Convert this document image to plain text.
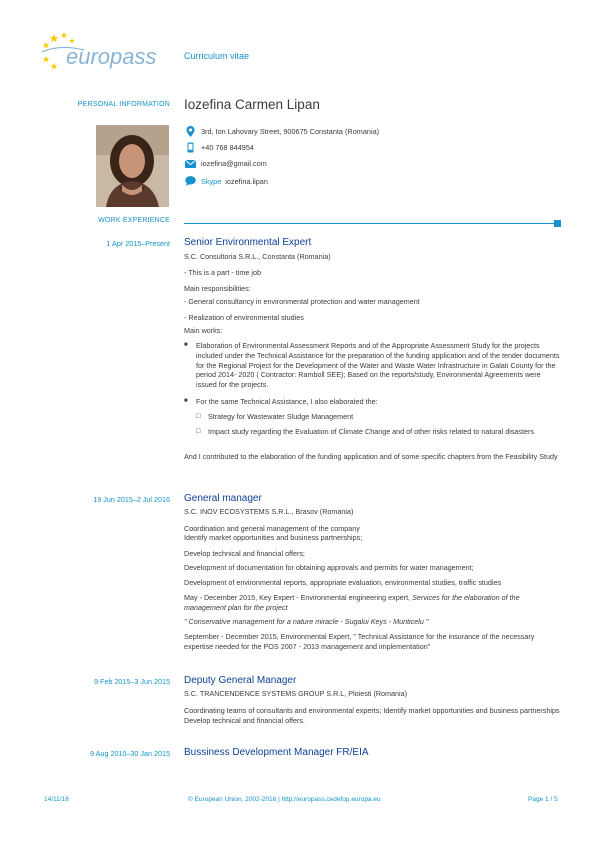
europass	Curriculum vitae
PERSONAL INFORMATION Iozefina Carmen Lipan
3rd, Ion Lahovary Street, 900675 Constanta (Romania)
+40 768 844954
iozefina@gmail.com
Skype iozefina.lipan
WORK EXPERIENCE
1 Apr 2015–Present Senior Environmental Expert
S.C. Consultoria S.R.L., Constanta (Romania)
- This is a part - time job
Main responsibilities:
- General consultancy in environmental protection and water management
- Realization of environmental studies
Main works:
■ Elaboration of Environmental Assessment Reports and of the Appropriate Assessment Study for the projects included under the Technical Assistance for the preparation of the funding application and of the tender documents for the Regional Project for the Development of the Water and Waste Water Infrastructure in Galati County for the period 2014- 2020 ( Contractor: Ramboll SEE); Based on the reports/study, Environmental Agreements were issued for the projects.
■ For the same Technical Assistance, I also elaborated the:
□ Strategy for Wastewater Sludge Management
□ Impact study regarding the Evaluation of Climate Change and of other risks related to natural disasters
And I contributed to the elaboration of the funding application and of some specific chapters from the Feasibility Study
19 Jun 2015–2 Jul 2016 General manager
S.C. INOV ECOSYSTEMS S.R.L., Brasov (Romania)
Coordination and general management of the company
Identify market opportunities and business partnerships;
Develop technical and financial offers;
Development of documentation for obtaining approvals and permits for water management;
Development of environmental reports, appropriate evaluation, environmental studies, traffic studies
May - December 2015, Key Expert - Environmental engineering expert, Services for the elaboration of the management plan for the project
" Conservative management for a nature miracle - Sugalui Keys - Munticelu "
September - December 2015, Environmental Expert, " Technical Assistance for the insurance of the necessary expertise needed for the POS 2007 - 2013 management and implementation"
9 Feb 2015–3 Jun 2015 Deputy General Manager
S.C. TRANCENDENCE SYSTEMS GROUP S.R.L, Ploiesti (Romania)
Coordinating teams of consultants and environmental experts; Identify market opportunities and business partnerships Develop technical and financial offers.
9 Aug 2010–30 Jan 2015 Bussiness Development Manager FR/EIA
14/11/16	© European Union, 2002-2016 | http://europass.cedefop.europa.eu	Page 1 / 5
